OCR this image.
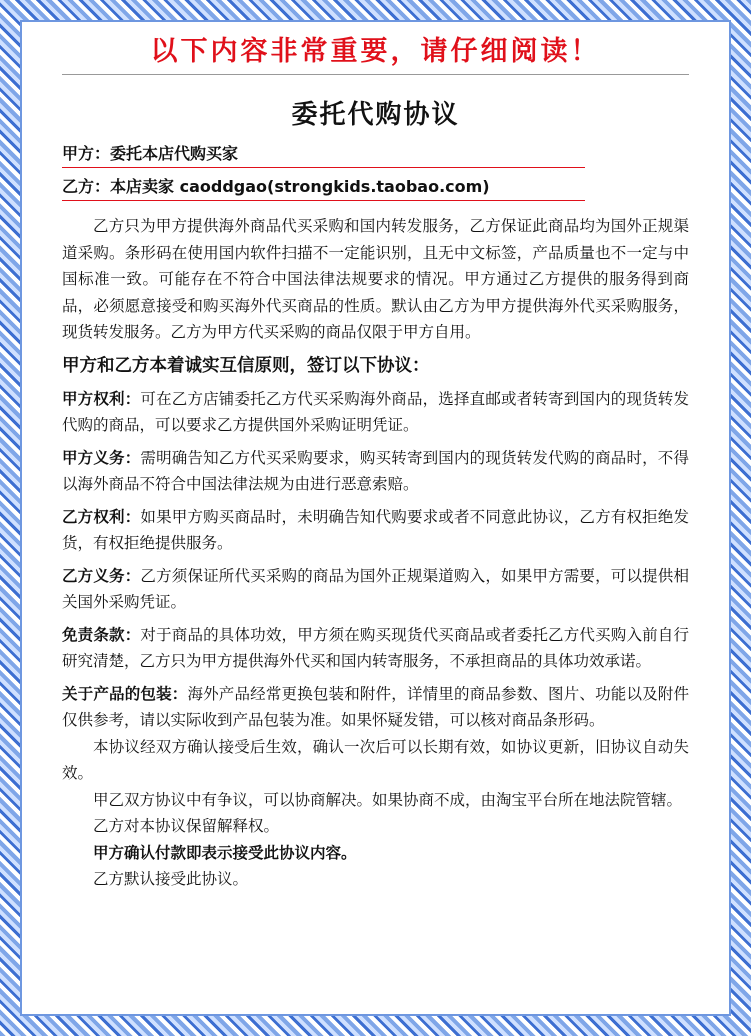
以下内容非常重要，请仔细阅读！
委托代购协议
甲方：委托本店代购买家
乙方：本店卖家 caoddgao(strongkids.taobao.com)

乙方只为甲方提供海外商品代买采购和国内转发服务，乙方保证此商品均为国外正规渠道采购。条形码在使用国内软件扫描不一定能识别，且无中文标签，产品质量也不一定与中国标准一致。可能存在不符合中国法律法规要求的情况。甲方通过乙方提供的服务得到商品，必须愿意接受和购买海外代买商品的性质。默认由乙方为甲方提供海外代买采购服务，现货转发服务。乙方为甲方代买采购的商品仅限于甲方自用。

甲方和乙方本着诚实互信原则，签订以下协议：

甲方权利：可在乙方店铺委托乙方代买采购海外商品，选择直邮或者转寄到国内的现货转发代购的商品，可以要求乙方提供国外采购证明凭证。

甲方义务：需明确告知乙方代买采购要求，购买转寄到国内的现货转发代购的商品时，不得以海外商品不符合中国法律法规为由进行恶意索赔。

乙方权利：如果甲方购买商品时，未明确告知代购要求或者不同意此协议，乙方有权拒绝发货，有权拒绝提供服务。

乙方义务：乙方须保证所代买采购的商品为国外正规渠道购入，如果甲方需要，可以提供相关国外采购凭证。

免责条款：对于商品的具体功效，甲方须在购买现货代买商品或者委托乙方代买购入前自行研究清楚，乙方只为甲方提供海外代买和国内转寄服务，不承担商品的具体功效承诺。

关于产品的包装：海外产品经常更换包装和附件，详情里的商品参数、图片、功能以及附件仅供参考，请以实际收到产品包装为准。如果怀疑发错，可以核对商品条形码。

本协议经双方确认接受后生效，确认一次后可以长期有效，如协议更新，旧协议自动失效。

甲乙双方协议中有争议，可以协商解决。如果协商不成，由淘宝平台所在地法院管辖。

乙方对本协议保留解释权。

甲方确认付款即表示接受此协议内容。

乙方默认接受此协议。
